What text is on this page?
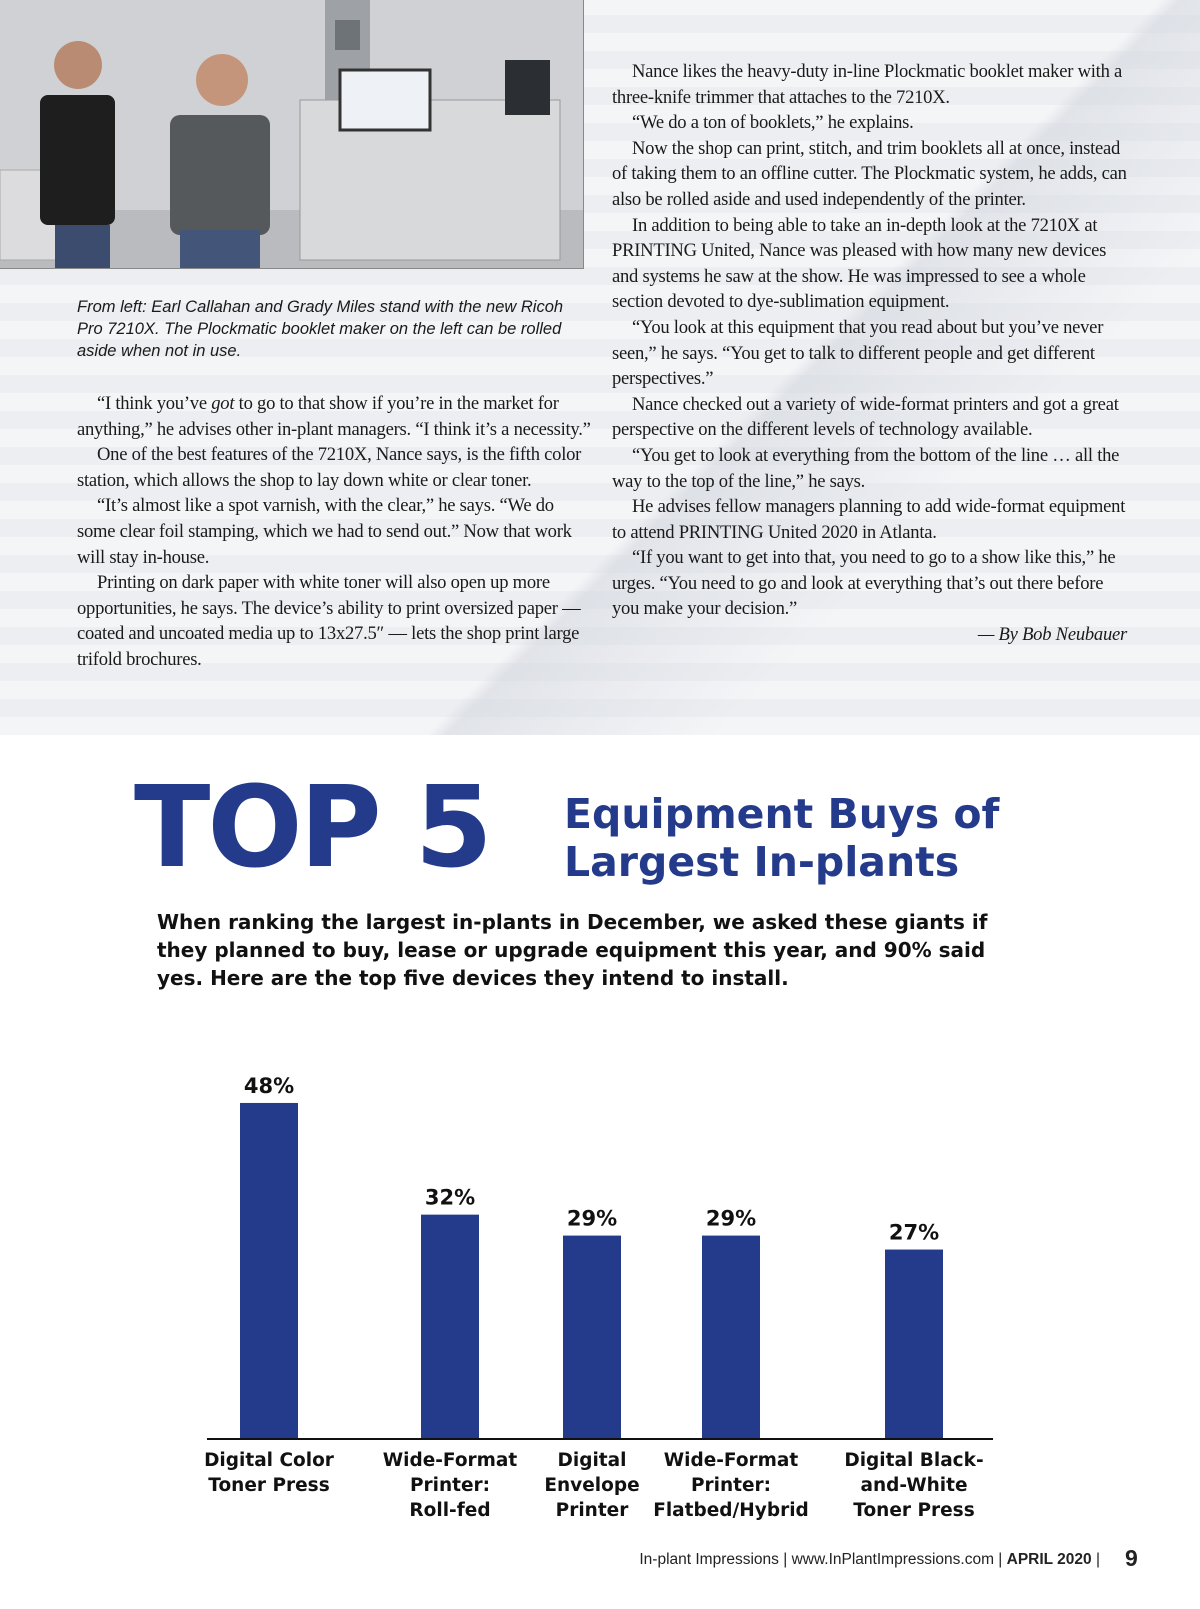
From left: Earl Callahan and Grady Miles stand with the new Ricoh Pro 7210X. The Plockmatic booklet maker on the left can be rolled aside when not in use.

“I think you’ve got to go to that show if you’re in the market for anything,” he advises other in-plant managers. “I think it’s a necessity.”

One of the best features of the 7210X, Nance says, is the fifth color station, which allows the shop to lay down white or clear toner.

“It’s almost like a spot varnish, with the clear,” he says. “We do some clear foil stamping, which we had to send out.” Now that work will stay in-house.

Printing on dark paper with white toner will also open up more opportunities, he says. The device’s ability to print oversized paper — coated and uncoated media up to 13x27.5″ — lets the shop print large trifold brochures.

Nance likes the heavy-duty in-line Plockmatic booklet maker with a three-knife trimmer that attaches to the 7210X.

“We do a ton of booklets,” he explains.

Now the shop can print, stitch, and trim booklets all at once, instead of taking them to an offline cutter. The Plockmatic system, he adds, can also be rolled aside and used independently of the printer.

In addition to being able to take an in-depth look at the 7210X at PRINTING United, Nance was pleased with how many new devices and systems he saw at the show. He was impressed to see a whole section devoted to dye-sublimation equipment.

“You look at this equipment that you read about but you’ve never seen,” he says. “You get to talk to different people and get different perspectives.”

Nance checked out a variety of wide-format printers and got a great perspective on the different levels of technology available.

“You get to look at everything from the bottom of the line … all the way to the top of the line,” he says.

He advises fellow managers planning to add wide-format equipment to attend PRINTING United 2020 in Atlanta.

“If you want to get into that, you need to go to a show like this,” he urges. “You need to go and look at everything that’s out there before you make your decision.”

— By Bob Neubauer

TOP 5 Equipment Buys of
Largest In-plants

When ranking the largest in-plants in December, we asked these giants if they planned to buy, lease or upgrade equipment this year, and 90% said yes. Here are the top five devices they intend to install.

48%
Digital Color
Toner Press
32%
Wide-Format
Printer:
Roll-fed
29%
Digital
Envelope
Printer
29%
Wide-Format
Printer:
Flatbed/Hybrid
27%
Digital Black-
and-White
Toner Press
In-plant Impressions | www.InPlantImpressions.com | APRIL 2020 | 9
